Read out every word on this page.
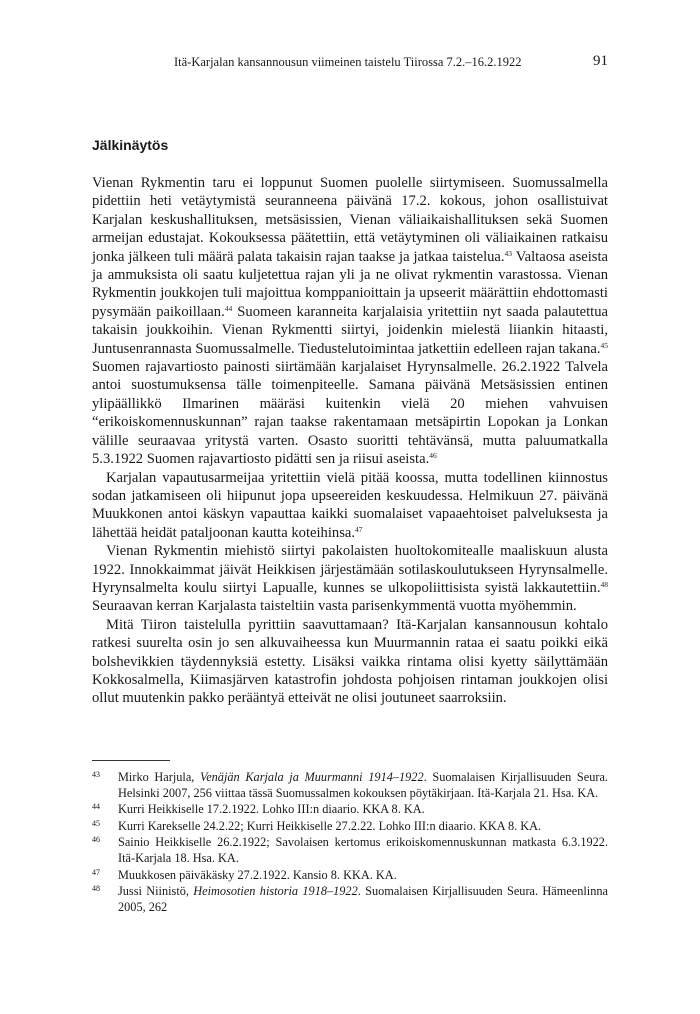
Itä-Karjalan kansannousun viimeinen taistelu Tiirossa 7.2.–16.2.1922	91
Jälkinäytös

Vienan Rykmentin taru ei loppunut Suomen puolelle siirtymiseen. Suomussalmella pidettiin heti vetäytymistä seuranneena päivänä 17.2. kokous, johon osallistuivat Karjalan keskushallituksen, metsäsissien, Vienan väliaikaishallituksen sekä Suomen armeijan edustajat. Kokouksessa päätettiin, että vetäytyminen oli väliaikainen ratkaisu jonka jälkeen tuli määrä palata takaisin rajan taakse ja jatkaa taistelua.$^{43}$ Valtaosa aseista ja ammuksista oli saatu kuljetettua rajan yli ja ne olivat rykmentin varastossa. Vienan Rykmentin joukkojen tuli majoittua komppanioittain ja upseerit määrättiin ehdottomasti pysymään paikoillaan.$^{44}$ Suomeen karanneita karjalaisia yritettiin nyt saada palautettua takaisin joukkoihin. Vienan Rykmentti siirtyi, joidenkin mielestä liiankin hitaasti, Juntusenrannasta Suomussalmelle. Tiedustelutoimintaa jatkettiin edelleen rajan takana.$^{45}$ Suomen rajavartiosto painosti siirtämään karjalaiset Hyrynsalmelle. 26.2.1922 Talvela antoi suostumuksensa tälle toimenpiteelle. Samana päivänä Metsäsissien entinen ylipäällikkö Ilmarinen määräsi kuitenkin vielä 20 miehen vahvuisen “erikoiskomennuskunnan” rajan taakse rakentamaan metsäpirtin Lopokan ja Lonkan välille seuraavaa yritystä varten. Osasto suoritti tehtävänsä, mutta paluumatkalla 5.3.1922 Suomen rajavartiosto pidätti sen ja riisui aseista.$^{46}$

Karjalan vapautusarmeijaa yritettiin vielä pitää koossa, mutta todellinen kiinnostus sodan jatkamiseen oli hiipunut jopa upseereiden keskuudessa. Helmikuun 27. päivänä Muukkonen antoi käskyn vapauttaa kaikki suomalaiset vapaaehtoiset palveluksesta ja lähettää heidät pataljoonan kautta koteihinsa.$^{47}$

Vienan Rykmentin miehistö siirtyi pakolaisten huoltokomitealle maaliskuun alusta 1922. Innokkaimmat jäivät Heikkisen järjestämään sotilaskoulutukseen Hyrynsalmelle. Hyrynsalmelta koulu siirtyi Lapualle, kunnes se ulkopoliittisista syistä lakkautettiin.$^{48}$ Seuraavan kerran Karjalasta taisteltiin vasta parisenkymmentä vuotta myöhemmin.

Mitä Tiiron taistelulla pyrittiin saavuttamaan? Itä-Karjalan kansannousun kohtalo ratkesi suurelta osin jo sen alkuvaiheessa kun Muurmannin rataa ei saatu poikki eikä bolshevikkien täydennyksiä estetty. Lisäksi vaikka rintama olisi kyetty säilyttämään Kokkosalmella, Kiimasjärven katastrofin johdosta pohjoisen rintaman joukkojen olisi ollut muutenkin pakko perääntyä etteivät ne olisi joutuneet saarroksiin.

43 Mirko Harjula, Venäjän Karjala ja Muurmanni 1914–1922. Suomalaisen Kirjallisuuden Seura. Helsinki 2007, 256 viittaa tässä Suomussalmen kokouksen pöytäkirjaan. Itä-Karjala 21. Hsa. KA.
44 Kurri Heikkiselle 17.2.1922. Lohko III:n diaario. KKA 8. KA.
45 Kurri Karekselle 24.2.22; Kurri Heikkiselle 27.2.22. Lohko III:n diaario. KKA 8. KA.
46 Sainio Heikkiselle 26.2.1922; Savolaisen kertomus erikoiskomennuskunnan matkasta 6.3.1922. Itä-Karjala 18. Hsa. KA.
47 Muukkosen päiväkäsky 27.2.1922. Kansio 8. KKA. KA.
48 Jussi Niinistö, Heimosotien historia 1918–1922. Suomalaisen Kirjallisuuden Seura. Hämeenlinna 2005, 262
